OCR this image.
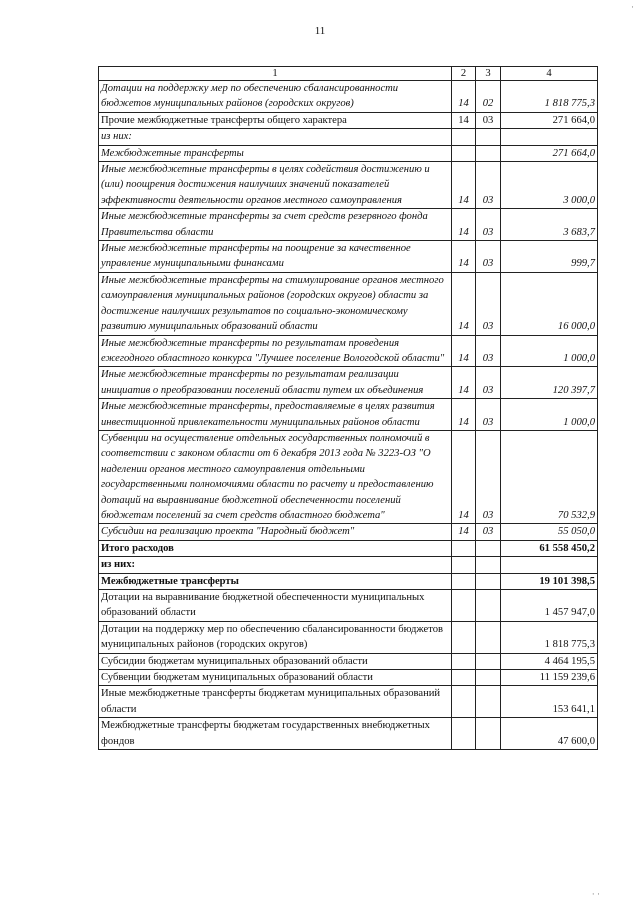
11
·
· ·
1	2	3	4
Дотации на поддержку мер по обеспечению сбалансированности бюджетов муниципальных районов (городских округов)	14	02	1 818 775,3
Прочие межбюджетные трансферты общего характера	14	03	271 664,0
из них:			
Межбюджетные трансферты			271 664,0
Иные межбюджетные трансферты в целях содействия достижению и (или) поощрения достижения наилучших значений показателей эффективности деятельности органов местного самоуправления	14	03	3 000,0
Иные межбюджетные трансферты за счет средств резервного фонда Правительства области	14	03	3 683,7
Иные межбюджетные трансферты на поощрение за качественное управление муниципальными финансами	14	03	999,7
Иные межбюджетные трансферты на стимулирование органов местного самоуправления муниципальных районов (городских округов) области за достижение наилучших результатов по социально-экономическому развитию муниципальных образований области	14	03	16 000,0
Иные межбюджетные трансферты по результатам проведения ежегодного областного конкурса "Лучшее поселение Вологодской области"	14	03	1 000,0
Иные межбюджетные трансферты по результатам реализации инициатив о преобразовании поселений области путем их объединения	14	03	120 397,7
Иные межбюджетные трансферты, предоставляемые в целях развития инвестиционной привлекательности муниципальных районов области	14	03	1 000,0
Субвенции на осуществление отдельных государственных полномочий в соответствии с законом области от 6 декабря 2013 года № 3223-ОЗ "О наделении органов местного самоуправления отдельными государственными полномочиями области по расчету и предоставлению дотаций на выравнивание бюджетной обеспеченности поселений бюджетам поселений за счет средств областного бюджета"	14	03	70 532,9
Субсидии на реализацию проекта "Народный бюджет"	14	03	55 050,0
Итого расходов			61 558 450,2
из них:			
Межбюджетные трансферты			19 101 398,5
Дотации на выравнивание бюджетной обеспеченности муниципальных образований области			1 457 947,0
Дотации на поддержку мер по обеспечению сбалансированности бюджетов муниципальных районов (городских округов)			1 818 775,3
Субсидии бюджетам муниципальных образований области			4 464 195,5
Субвенции бюджетам муниципальных образований области			11 159 239,6
Иные межбюджетные трансферты бюджетам муниципальных образований области			153 641,1
Межбюджетные трансферты бюджетам государственных внебюджетных фондов			47 600,0
